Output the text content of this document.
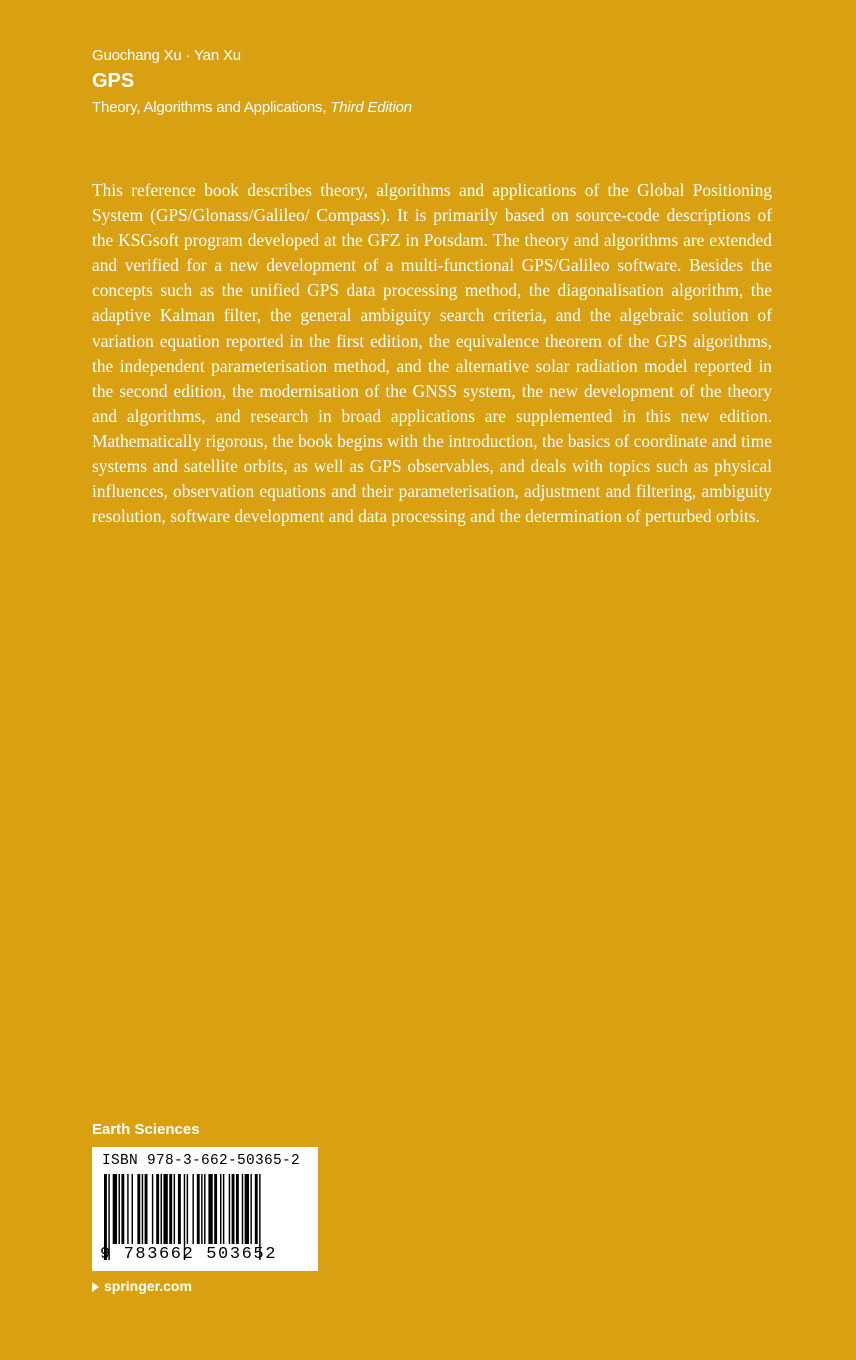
Guochang Xu · Yan Xu
GPS
Theory, Algorithms and Applications, Third Edition

This reference book describes theory, algorithms and applications of the Global Positioning System (GPS/Glonass/Galileo/ Compass). It is primarily based on source-code descriptions of the KSGsoft program developed at the GFZ in Potsdam. The theory and algorithms are extended and verified for a new development of a multi-functional GPS/Galileo software. Besides the concepts such as the unified GPS data processing method, the diagonalisation algorithm, the adaptive Kalman filter, the general ambiguity search criteria, and the algebraic solution of variation equation reported in the first edition, the equivalence theorem of the GPS algorithms, the independent parameterisation method, and the alternative solar radiation model reported in the second edition, the modernisation of the GNSS system, the new development of the theory and algorithms, and research in broad applications are supplemented in this new edition. Mathematically rigorous, the book begins with the introduction, the basics of coordinate and time systems and satellite orbits, as well as GPS observables, and deals with topics such as physical influences, observation equations and their parameterisation, adjustment and filtering, ambiguity resolution, software development and data processing and the determination of perturbed orbits.

Earth Sciences
ISBN 978-3-662-50365-2
9 783662 503652
springer.com
